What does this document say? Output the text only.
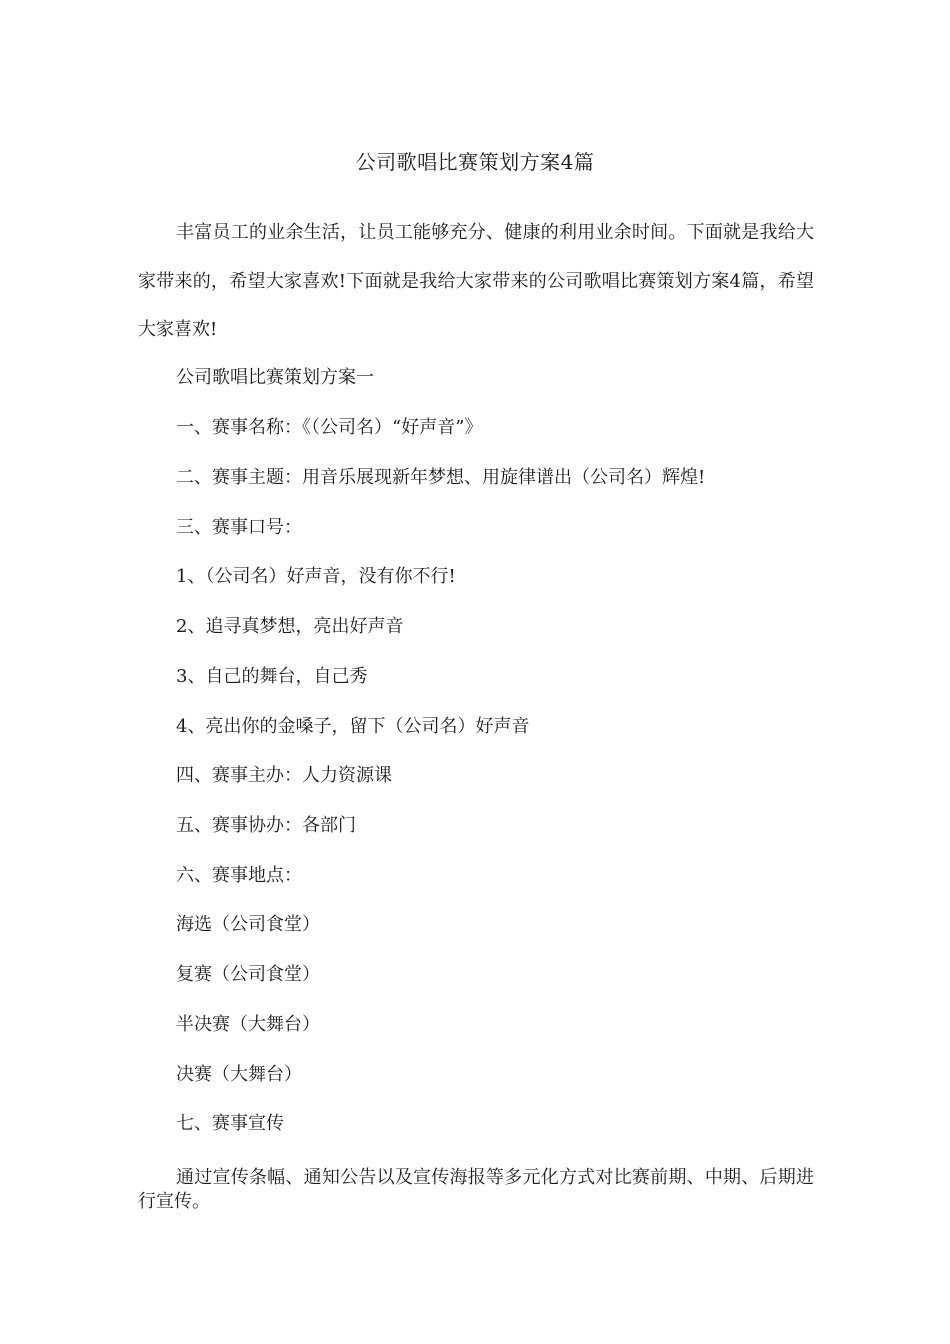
公司歌唱比赛策划方案4篇
丰富员工的业余生活，让员工能够充分、健康的利用业余时间。下面就是我给大家带来的，希望大家喜欢!下面就是我给大家带来的公司歌唱比赛策划方案4篇，希望大家喜欢!
公司歌唱比赛策划方案一
一、赛事名称：《（公司名）“好声音”》
二、赛事主题：用音乐展现新年梦想、用旋律谱出（公司名）辉煌!
三、赛事口号：
1、（公司名）好声音，没有你不行!
2、追寻真梦想，亮出好声音
3、自己的舞台，自己秀
4、亮出你的金嗓子，留下（公司名）好声音
四、赛事主办：人力资源课
五、赛事协办：各部门
六、赛事地点：
海选（公司食堂）
复赛（公司食堂）
半决赛（大舞台）
决赛（大舞台）
七、赛事宣传
通过宣传条幅、通知公告以及宣传海报等多元化方式对比赛前期、中期、后期进行宣传。
